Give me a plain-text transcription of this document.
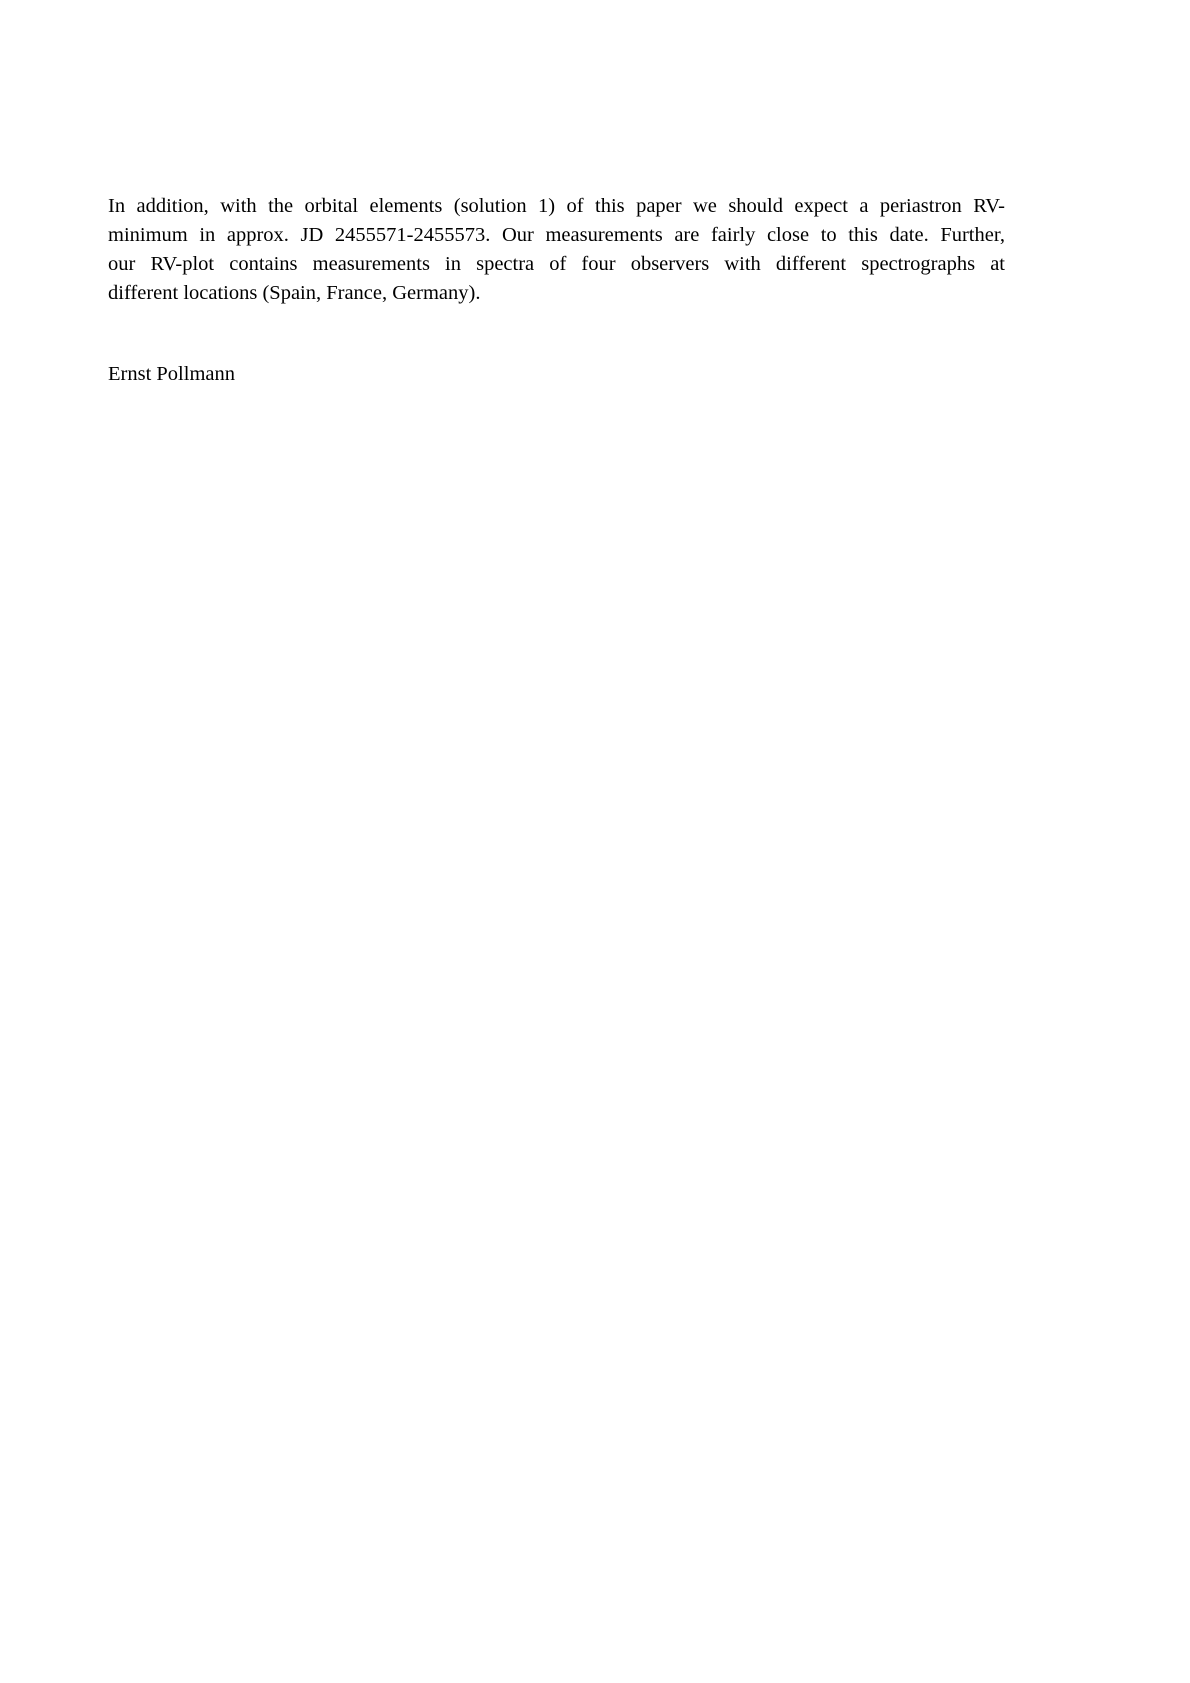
In addition, with the orbital elements (solution 1) of this paper we should expect a periastron RV-
minimum in approx. JD 2455571-2455573. Our measurements are fairly close to this date. Further,
our RV-plot contains measurements in spectra of four observers with different spectrographs at
different locations (Spain, France, Germany).
Ernst Pollmann
